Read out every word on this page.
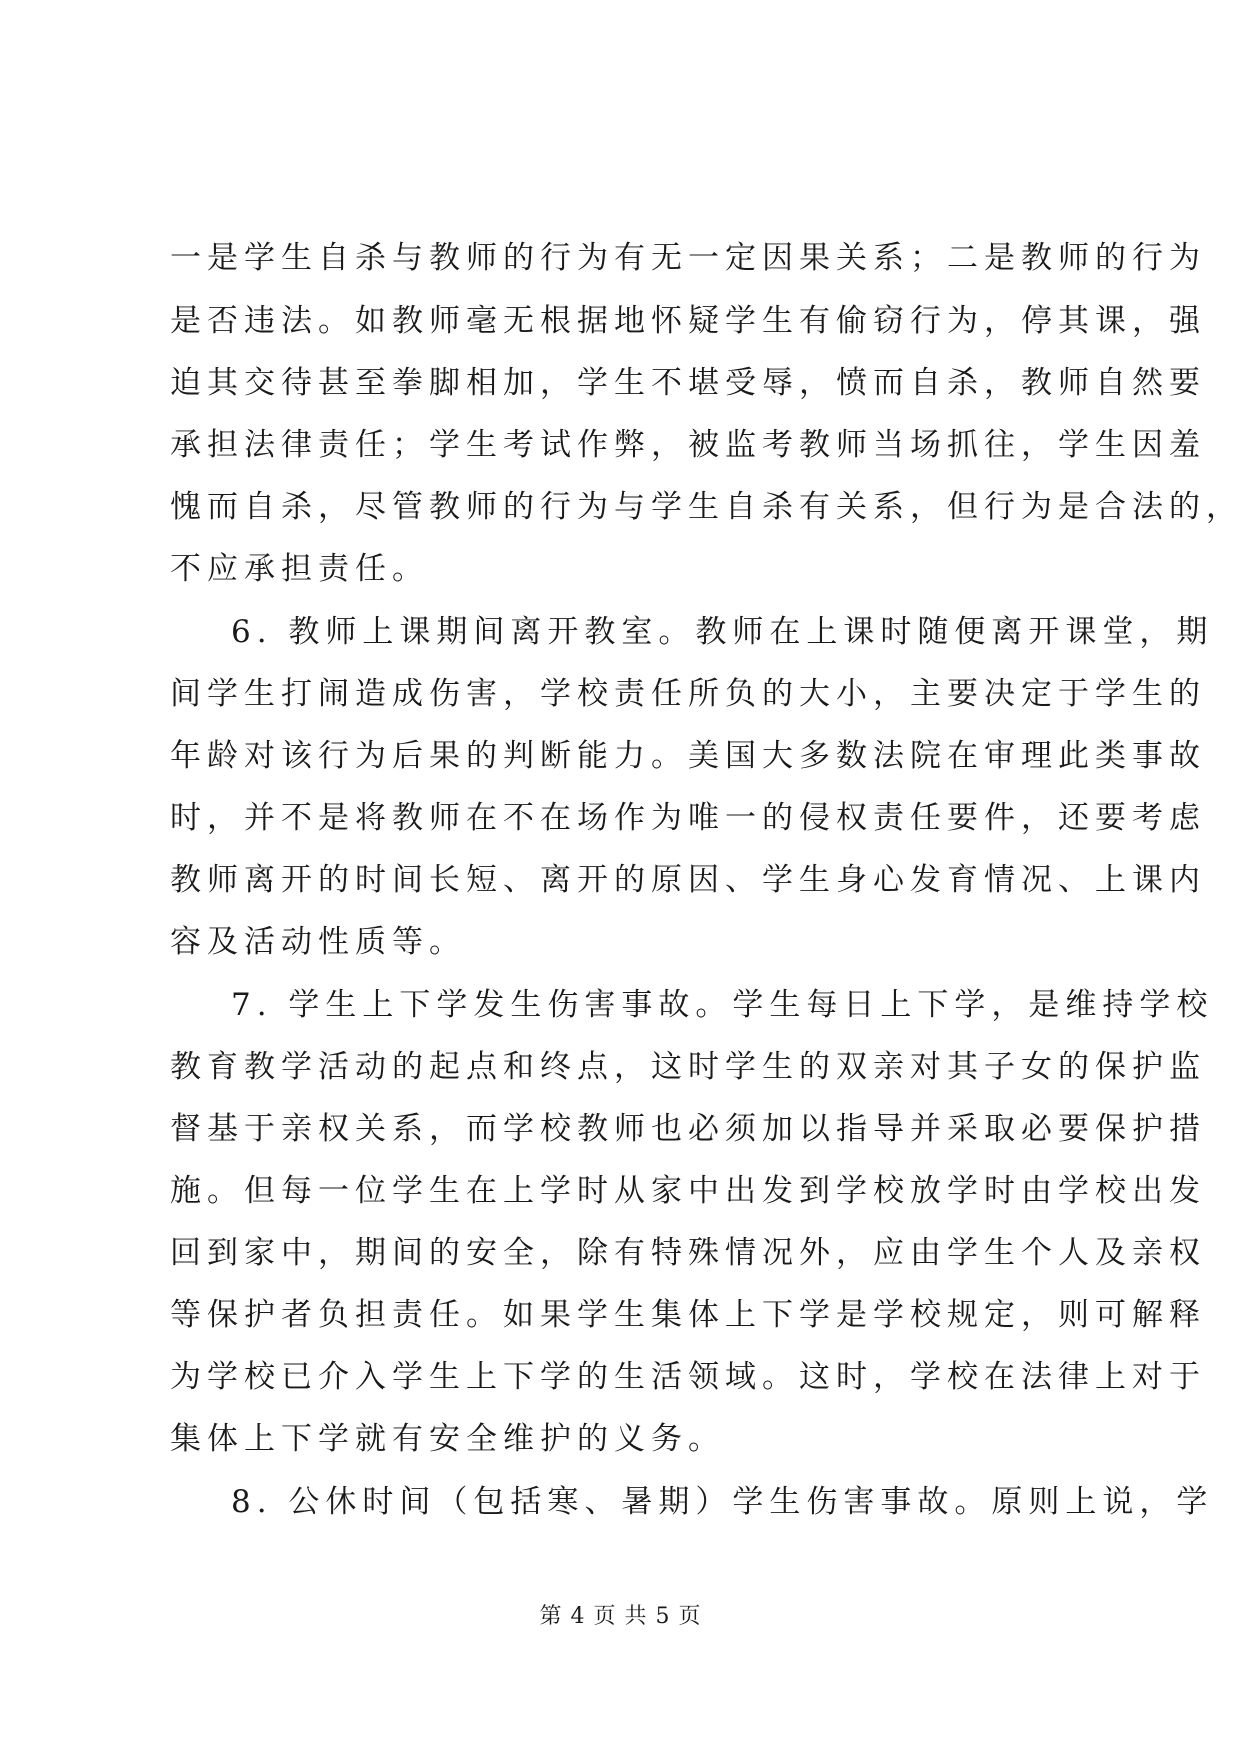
一是学生自杀与教师的行为有无一定因果关系；二是教师的行为
是否违法。如教师毫无根据地怀疑学生有偷窃行为，停其课，强
迫其交待甚至拳脚相加，学生不堪受辱，愤而自杀，教师自然要
承担法律责任；学生考试作弊，被监考教师当场抓往，学生因羞
愧而自杀，尽管教师的行为与学生自杀有关系，但行为是合法的，
不应承担责任。
6. 教师上课期间离开教室。教师在上课时随便离开课堂，期
间学生打闹造成伤害，学校责任所负的大小，主要决定于学生的
年龄对该行为后果的判断能力。美国大多数法院在审理此类事故
时，并不是将教师在不在场作为唯一的侵权责任要件，还要考虑
教师离开的时间长短、离开的原因、学生身心发育情况、上课内
容及活动性质等。
7. 学生上下学发生伤害事故。学生每日上下学，是维持学校
教育教学活动的起点和终点，这时学生的双亲对其子女的保护监
督基于亲权关系，而学校教师也必须加以指导并采取必要保护措
施。但每一位学生在上学时从家中出发到学校放学时由学校出发
回到家中，期间的安全，除有特殊情况外，应由学生个人及亲权
等保护者负担责任。如果学生集体上下学是学校规定，则可解释
为学校已介入学生上下学的生活领域。这时，学校在法律上对于
集体上下学就有安全维护的义务。
8. 公休时间（包括寒、暑期）学生伤害事故。原则上说，学
第 4 页 共 5 页
